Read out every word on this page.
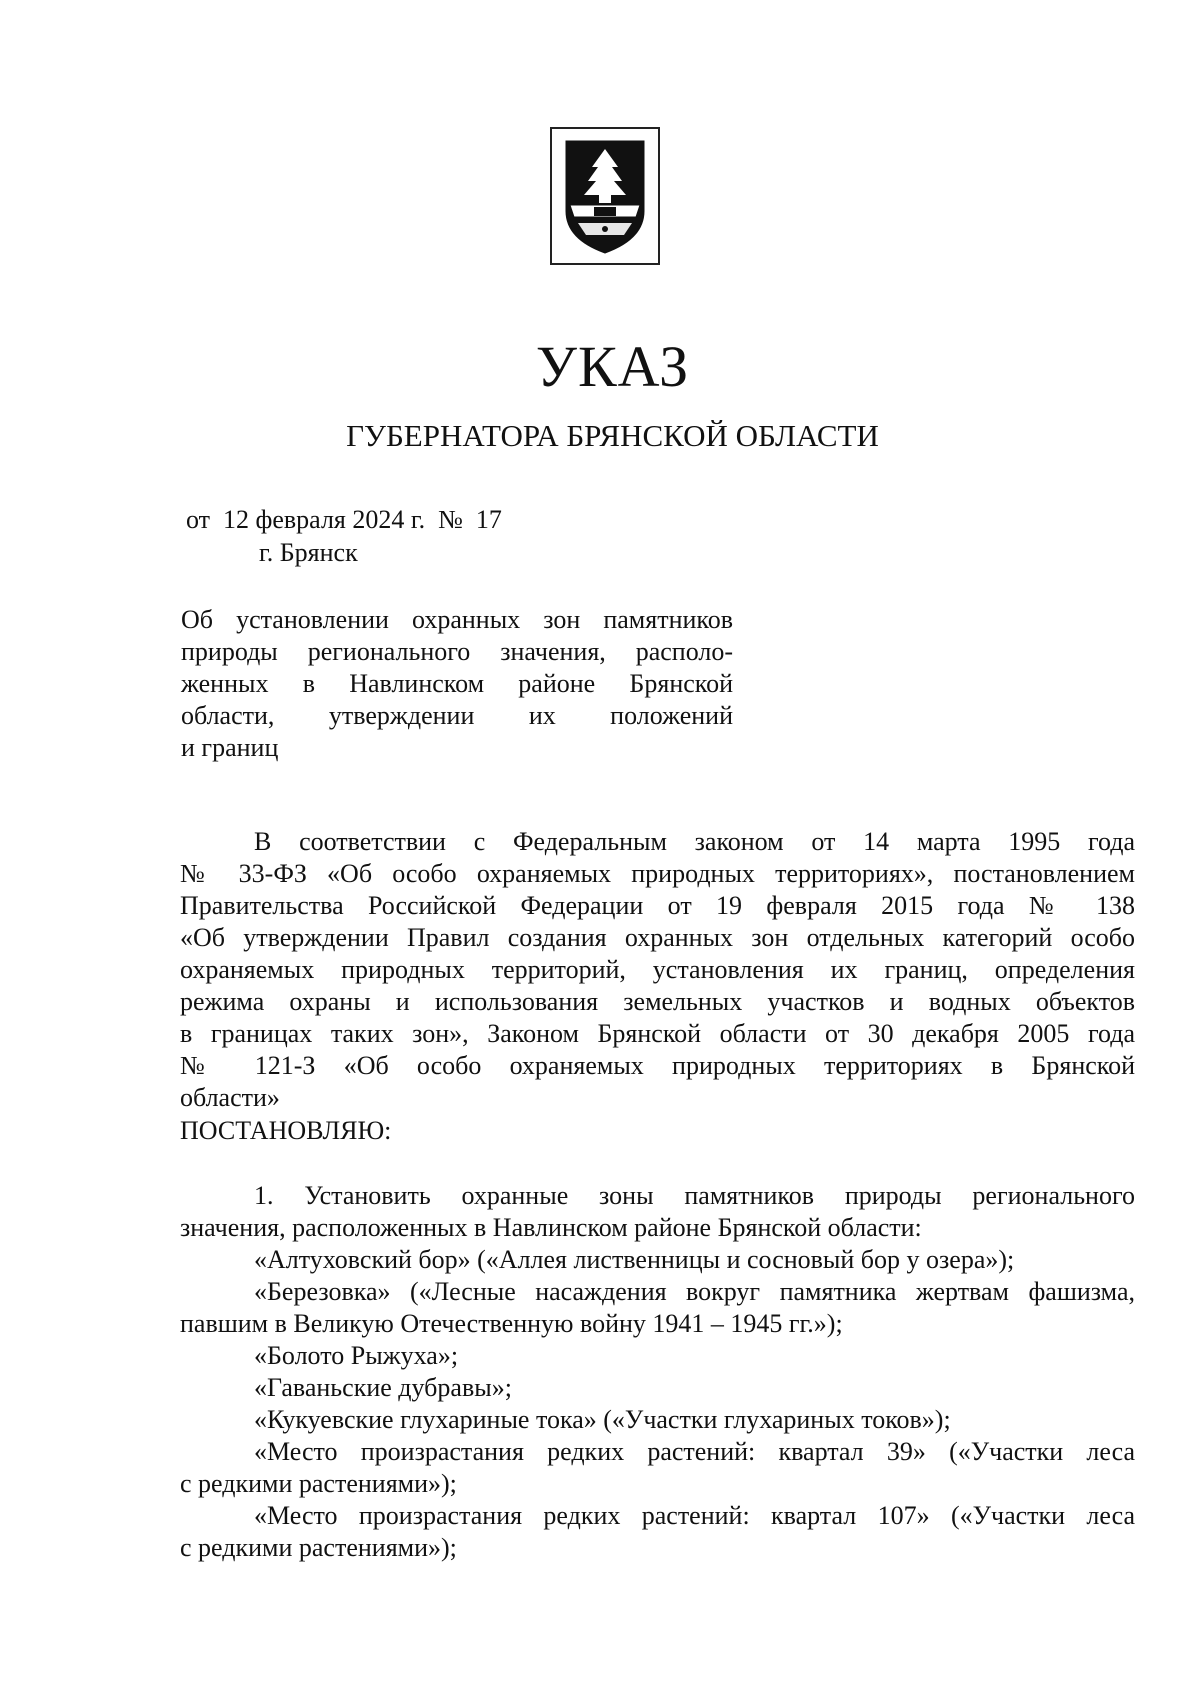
УКАЗ
ГУБЕРНАТОРА БРЯНСКОЙ ОБЛАСТИ
от  12 февраля 2024 г.  №  17
г. Брянск
Об установлении охранных зон памятников
природы регионального значения, располо-
женных в Навлинском районе Брянской
области, утверждении их положений
и границ
В соответствии с Федеральным законом от 14 марта 1995 года
№ 33-ФЗ «Об особо охраняемых природных территориях», постановлением
Правительства Российской Федерации от 19 февраля 2015 года № 138
«Об утверждении Правил создания охранных зон отдельных категорий особо
охраняемых природных территорий, установления их границ, определения
режима охраны и использования земельных участков и водных объектов
в границах таких зон», Законом Брянской области от 30 декабря 2005 года
№ 121-З «Об особо охраняемых природных территориях в Брянской
области»
ПОСТАНОВЛЯЮ:
1. Установить охранные зоны памятников природы регионального
значения, расположенных в Навлинском районе Брянской области:
«Алтуховский бор» («Аллея лиственницы и сосновый бор у озера»);
«Березовка» («Лесные насаждения вокруг памятника жертвам фашизма,
павшим в Великую Отечественную войну 1941 – 1945 гг.»);
«Болото Рыжуха»;
«Гаваньские дубравы»;
«Кукуевские глухариные тока» («Участки глухариных токов»);
«Место произрастания редких растений: квартал 39» («Участки леса
с редкими растениями»);
«Место произрастания редких растений: квартал 107» («Участки леса
с редкими растениями»);
